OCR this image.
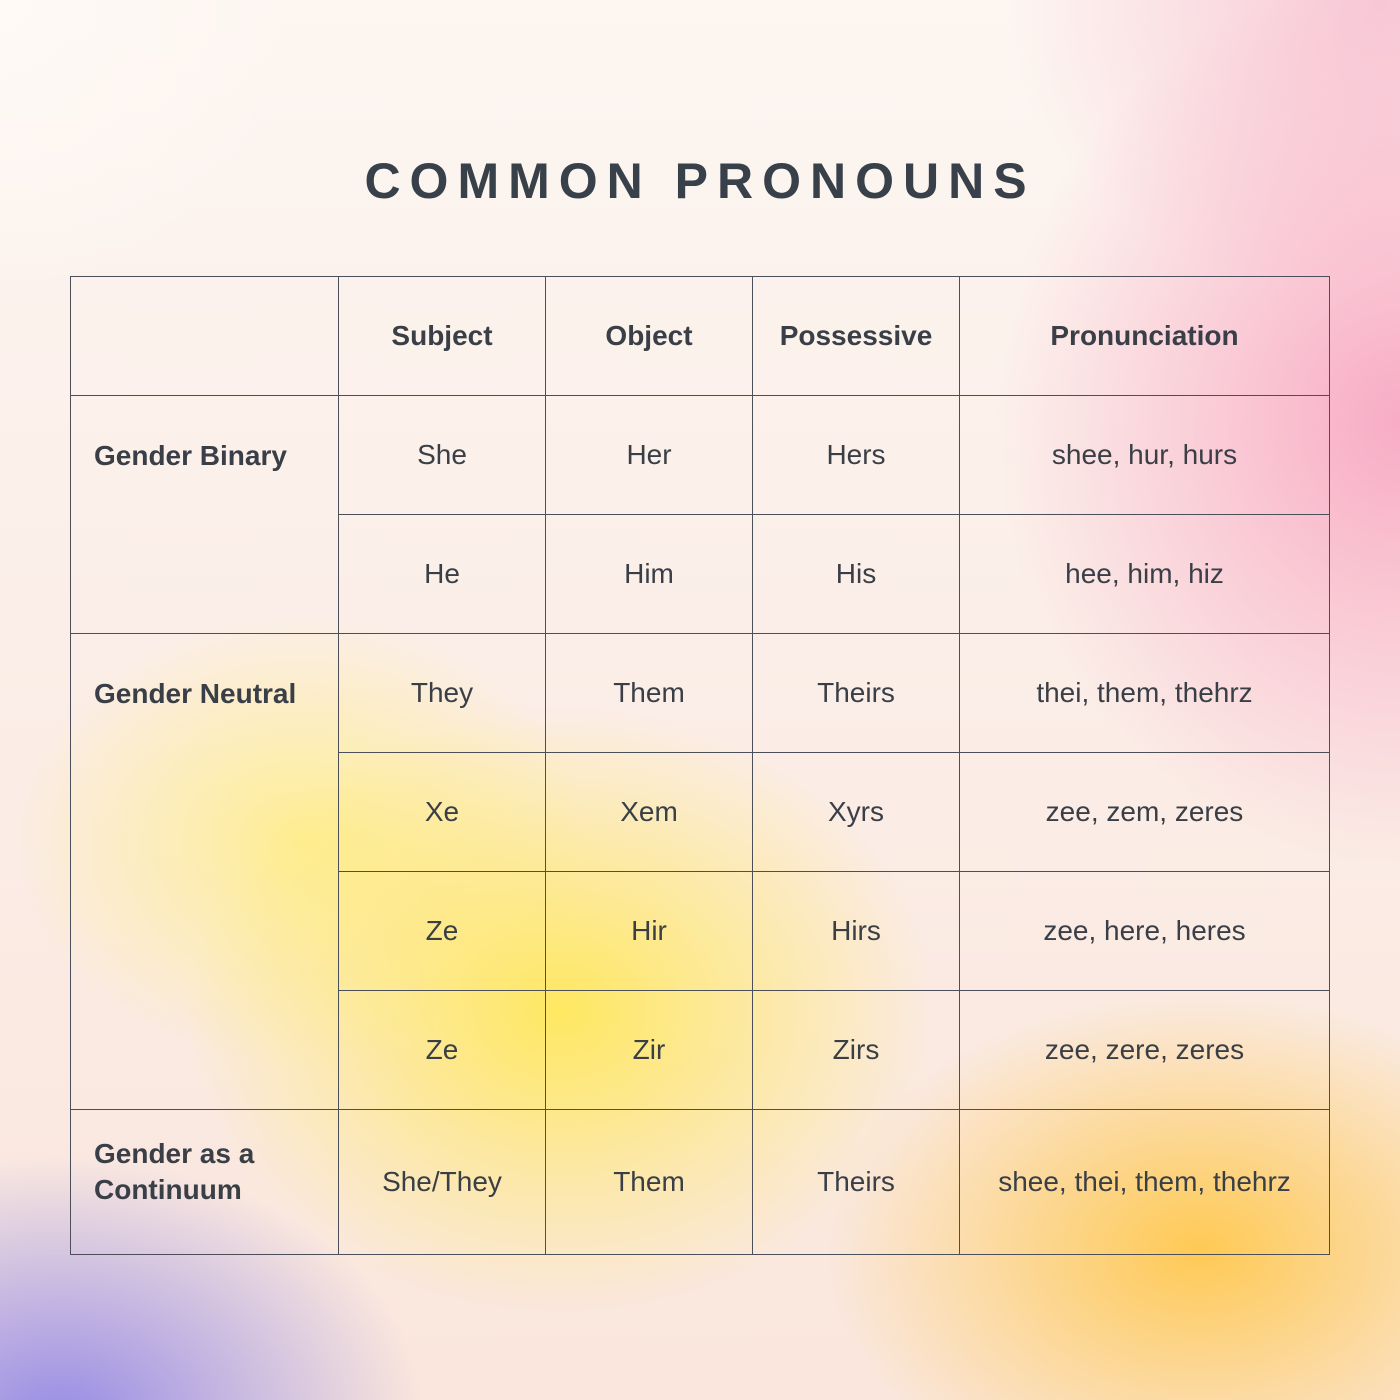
COMMON PRONOUNS
	Subject	Object	Possessive	Pronunciation
Gender Binary	She	Her	Hers	shee, hur, hurs
	He	Him	His	hee, him, hiz
Gender Neutral	They	Them	Theirs	thei, them, thehrz
	Xe	Xem	Xyrs	zee, zem, zeres
	Ze	Hir	Hirs	zee, here, heres
	Ze	Zir	Zirs	zee, zere, zeres
Gender as a Continuum	She/They	Them	Theirs	shee, thei, them, thehrz
